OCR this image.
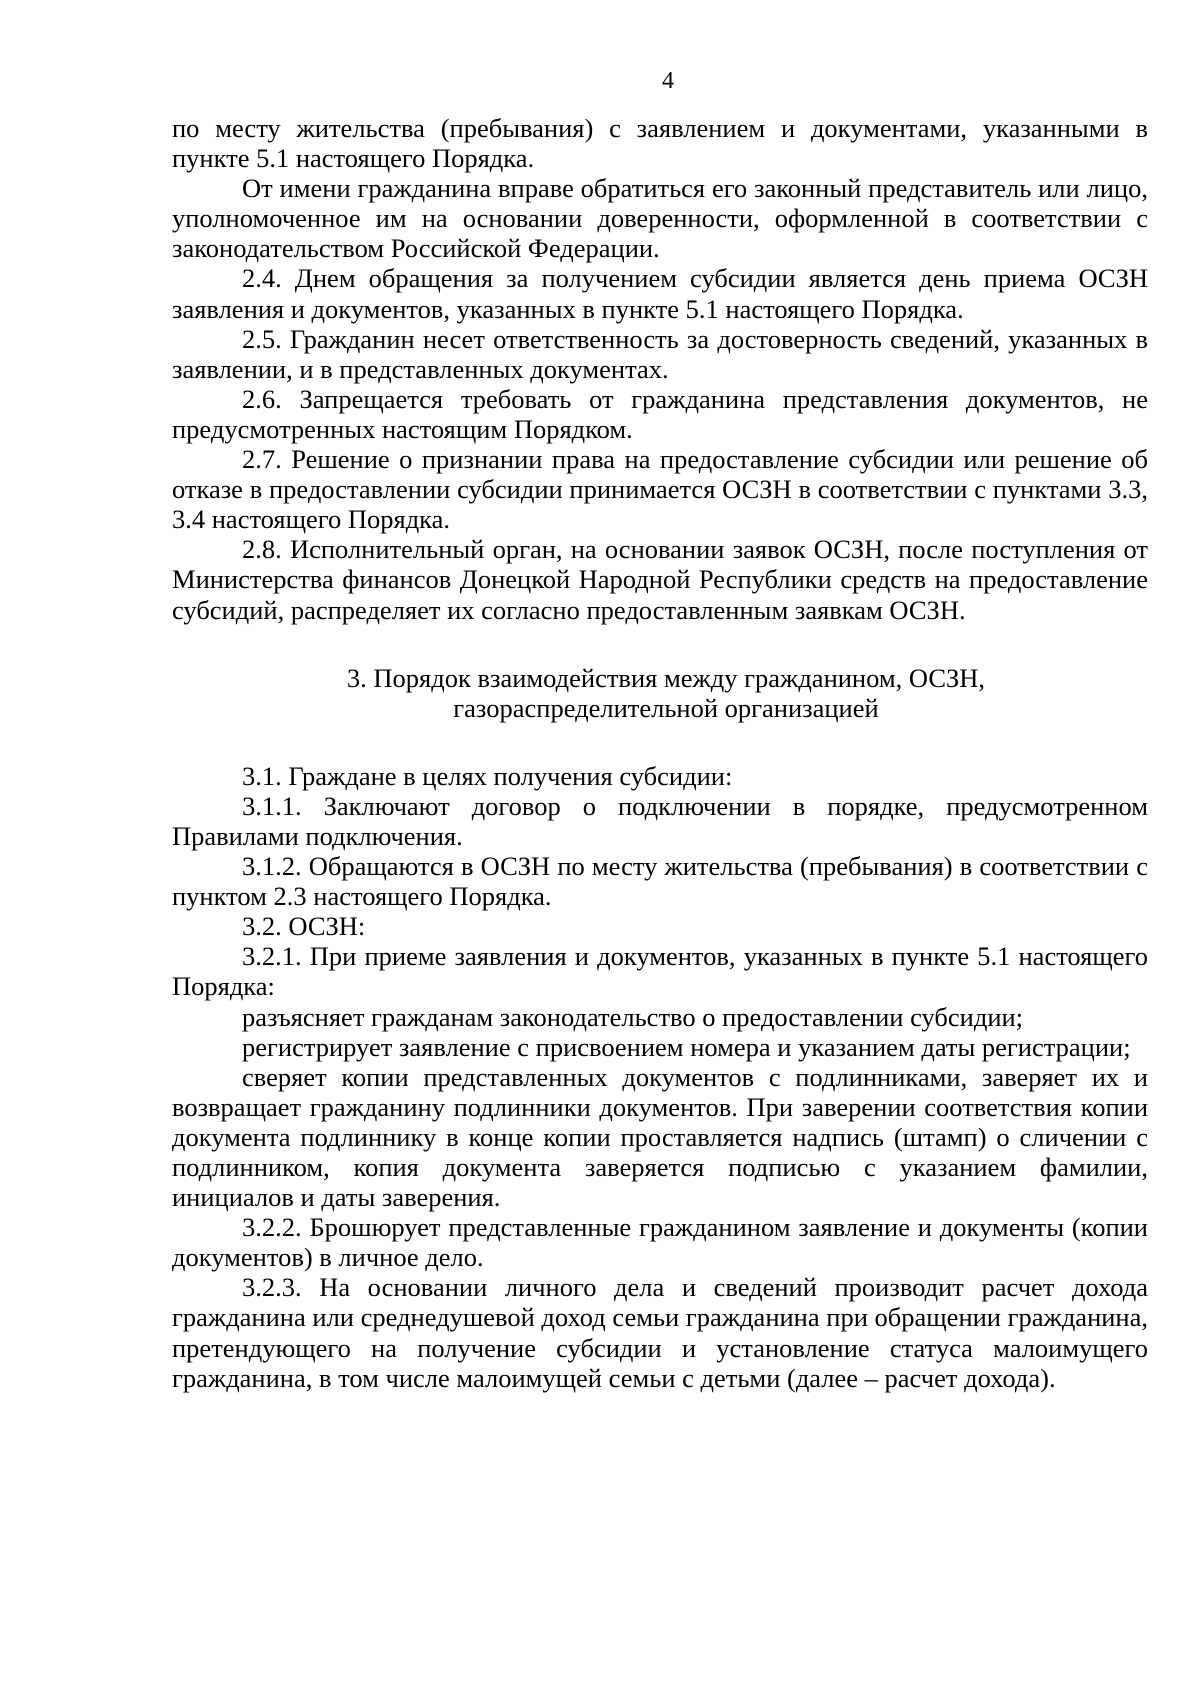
4

по месту жительства (пребывания) с заявлением и документами, указанными в пункте 5.1 настоящего Порядка.

От имени гражданина вправе обратиться его законный представитель или лицо, уполномоченное им на основании доверенности, оформленной в соответствии с законодательством Российской Федерации.

2.4. Днем обращения за получением субсидии является день приема ОСЗН заявления и документов, указанных в пункте 5.1 настоящего Порядка.

2.5. Гражданин несет ответственность за достоверность сведений, указанных в заявлении, и в представленных документах.

2.6. Запрещается требовать от гражданина представления документов, не предусмотренных настоящим Порядком.

2.7. Решение о признании права на предоставление субсидии или решение об отказе в предоставлении субсидии принимается ОСЗН в соответствии с пунктами 3.3, 3.4 настоящего Порядка.

2.8. Исполнительный орган, на основании заявок ОСЗН, после поступления от Министерства финансов Донецкой Народной Республики средств на предоставление субсидий, распределяет их согласно предоставленным заявкам ОСЗН.

3. Порядок взаимодействия между гражданином, ОСЗН,
газораспределительной организацией

3.1. Граждане в целях получения субсидии:

3.1.1. Заключают договор о подключении в порядке, предусмотренном Правилами подключения.

3.1.2. Обращаются в ОСЗН по месту жительства (пребывания) в соответствии с пунктом 2.3 настоящего Порядка.

3.2. ОСЗН:

3.2.1. При приеме заявления и документов, указанных в пункте 5.1 настоящего Порядка:

разъясняет гражданам законодательство о предоставлении субсидии;

регистрирует заявление с присвоением номера и указанием даты регистрации;

сверяет копии представленных документов с подлинниками, заверяет их и возвращает гражданину подлинники документов. При заверении соответствия копии документа подлиннику в конце копии проставляется надпись (штамп) о сличении с подлинником, копия документа заверяется подписью с указанием фамилии, инициалов и даты заверения.

3.2.2. Брошюрует представленные гражданином заявление и документы (копии документов) в личное дело.

3.2.3. На основании личного дела и сведений производит расчет дохода гражданина или среднедушевой доход семьи гражданина при обращении гражданина, претендующего на получение субсидии и установление статуса малоимущего гражданина, в том числе малоимущей семьи с детьми (далее – расчет дохода).
